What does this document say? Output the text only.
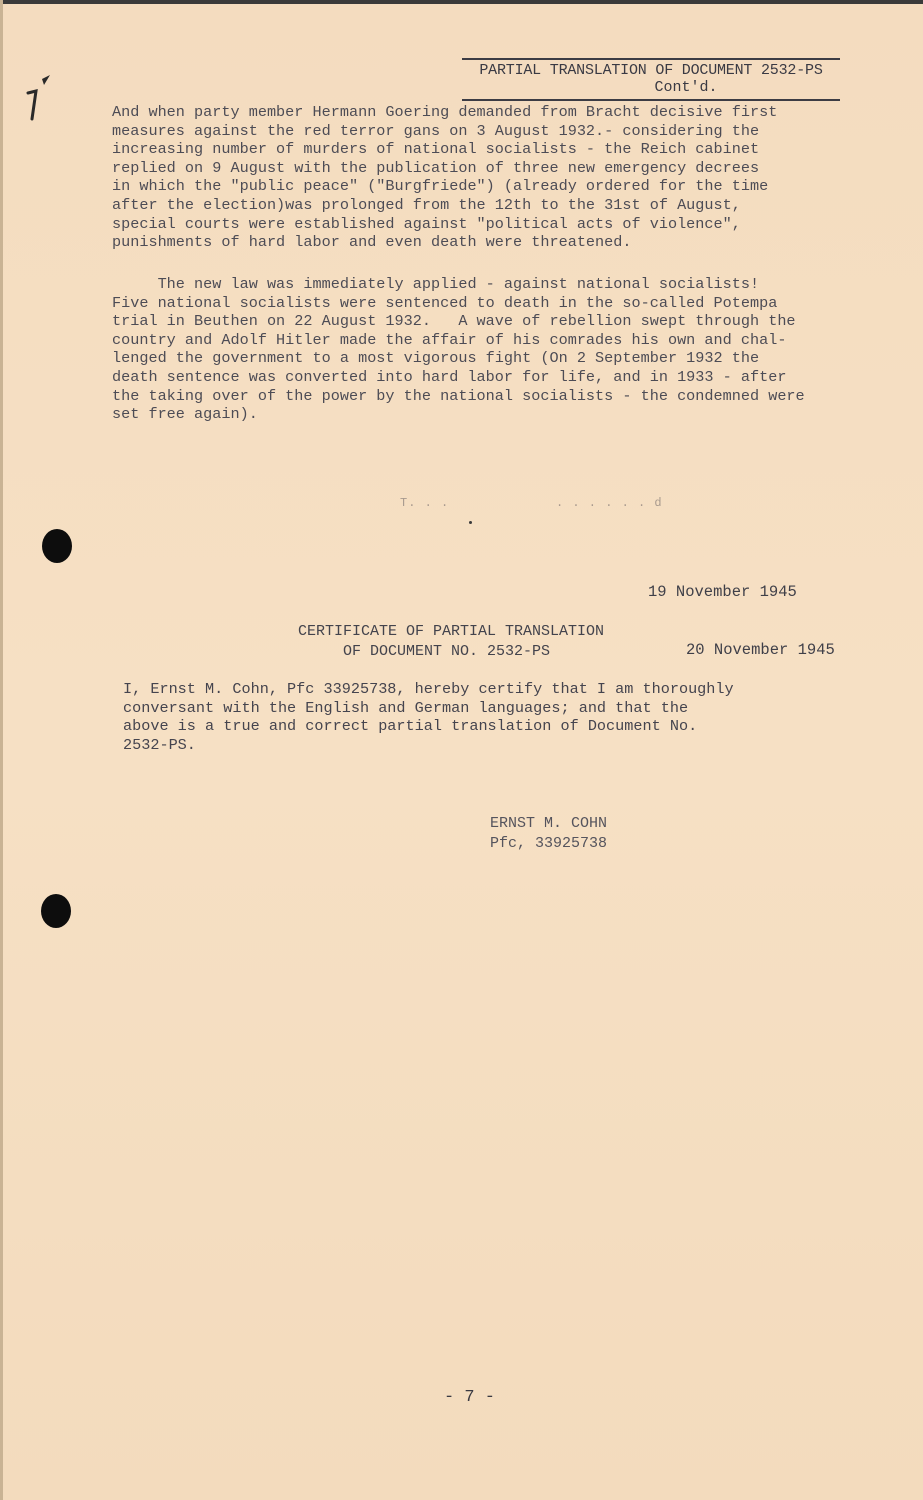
PARTIAL TRANSLATION OF DOCUMENT 2532-PS
Cont'd.
And when party member Hermann Goering demanded from Bracht decisive first
measures against the red terror gans on 3 August 1932.- considering the
increasing number of murders of national socialists - the Reich cabinet
replied on 9 August with the publication of three new emergency decrees
in which the "public peace" ("Burgfriede") (already ordered for the time
after the election)was prolonged from the 12th to the 31st of August,
special courts were established against "political acts of violence",
punishments of hard labor and even death were threatened.
The new law was immediately applied - against national socialists!
Five national socialists were sentenced to death in the so-called Potempa
trial in Beuthen on 22 August 1932.   A wave of rebellion swept through the
country and Adolf Hitler made the affair of his comrades his own and chal-
lenged the government to a most vigorous fight (On 2 September 1932 the
death sentence was converted into hard labor for life, and in 1933 - after
the taking over of the power by the national socialists - the condemned were
set free again).
T. . .	. . . . . . d
19 November 1945
CERTIFICATE OF PARTIAL TRANSLATION
OF DOCUMENT NO. 2532-PS	20 November 1945
I, Ernst M. Cohn, Pfc 33925738, hereby certify that I am thoroughly
conversant with the English and German languages; and that the
above is a true and correct partial translation of Document No.
2532-PS.
ERNST M. COHN
Pfc, 33925738
- 7 -
